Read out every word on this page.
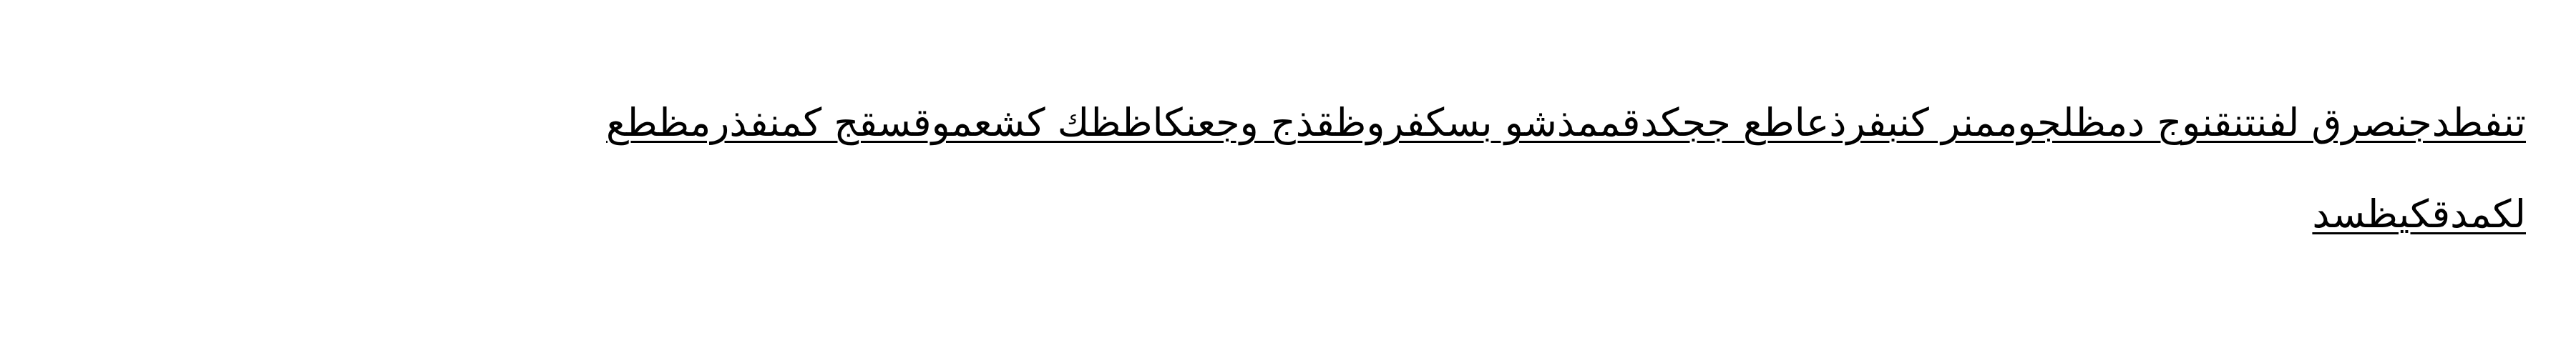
تنفطدجنصرق لفنتنقنوج دمظلجوممنر كنبفرذعاطع ججكدقممذشو بسكفروظقذج وجعنكاظظك كشعموقسقج كمنفذرمظطع
لكمدقكيظسد
